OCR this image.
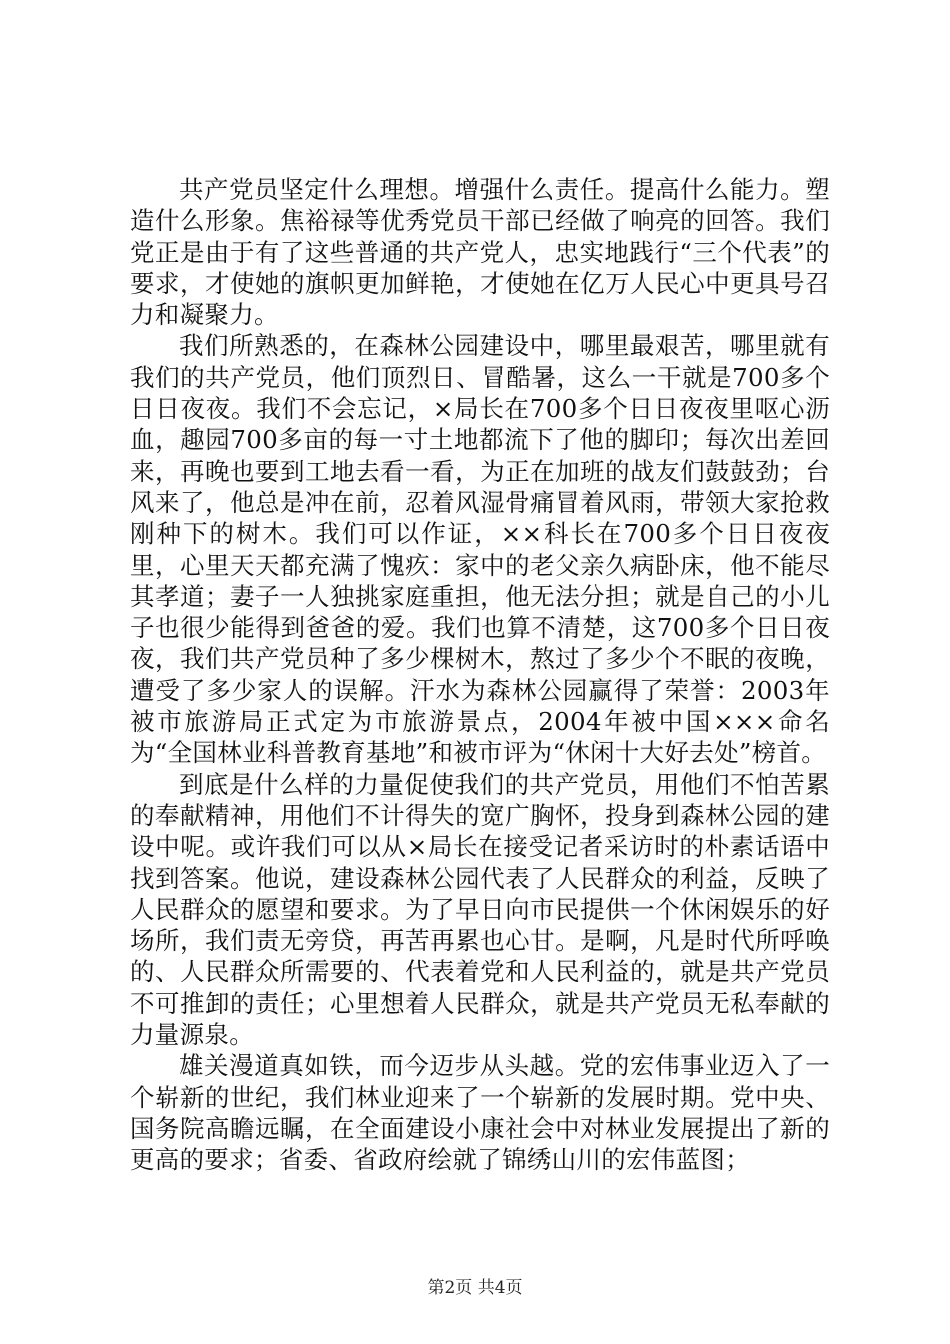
共产党员坚定什么理想。增强什么责任。提高什么能力。塑造什么形象。焦裕禄等优秀党员干部已经做了响亮的回答。我们党正是由于有了这些普通的共产党人，忠实地践行“三个代表”的要求，才使她的旗帜更加鲜艳，才使她在亿万人民心中更具号召力和凝聚力。

我们所熟悉的，在森林公园建设中，哪里最艰苦，哪里就有我们的共产党员，他们顶烈日、冒酷暑，这么一干就是700多个日日夜夜。我们不会忘记，×局长在700多个日日夜夜里呕心沥血，趣园700多亩的每一寸土地都流下了他的脚印；每次出差回来，再晚也要到工地去看一看，为正在加班的战友们鼓鼓劲；台风来了，他总是冲在前，忍着风湿骨痛冒着风雨，带领大家抢救刚种下的树木。我们可以作证，××科长在700多个日日夜夜里，心里天天都充满了愧疚：家中的老父亲久病卧床，他不能尽其孝道；妻子一人独挑家庭重担，他无法分担；就是自己的小儿子也很少能得到爸爸的爱。我们也算不清楚，这700多个日日夜夜，我们共产党员种了多少棵树木，熬过了多少个不眠的夜晚，遭受了多少家人的误解。汗水为森林公园赢得了荣誉：2003年被市旅游局正式定为市旅游景点，2004年被中国×××命名为“全国林业科普教育基地”和被市评为“休闲十大好去处”榜首。

到底是什么样的力量促使我们的共产党员，用他们不怕苦累的奉献精神，用他们不计得失的宽广胸怀，投身到森林公园的建设中呢。或许我们可以从×局长在接受记者采访时的朴素话语中找到答案。他说，建设森林公园代表了人民群众的利益，反映了人民群众的愿望和要求。为了早日向市民提供一个休闲娱乐的好场所，我们责无旁贷，再苦再累也心甘。是啊，凡是时代所呼唤的、人民群众所需要的、代表着党和人民利益的，就是共产党员不可推卸的责任；心里想着人民群众，就是共产党员无私奉献的力量源泉。

雄关漫道真如铁，而今迈步从头越。党的宏伟事业迈入了一个崭新的世纪，我们林业迎来了一个崭新的发展时期。党中央、国务院高瞻远瞩，在全面建设小康社会中对林业发展提出了新的更高的要求；省委、省政府绘就了锦绣山川的宏伟蓝图；

第2页 共4页
